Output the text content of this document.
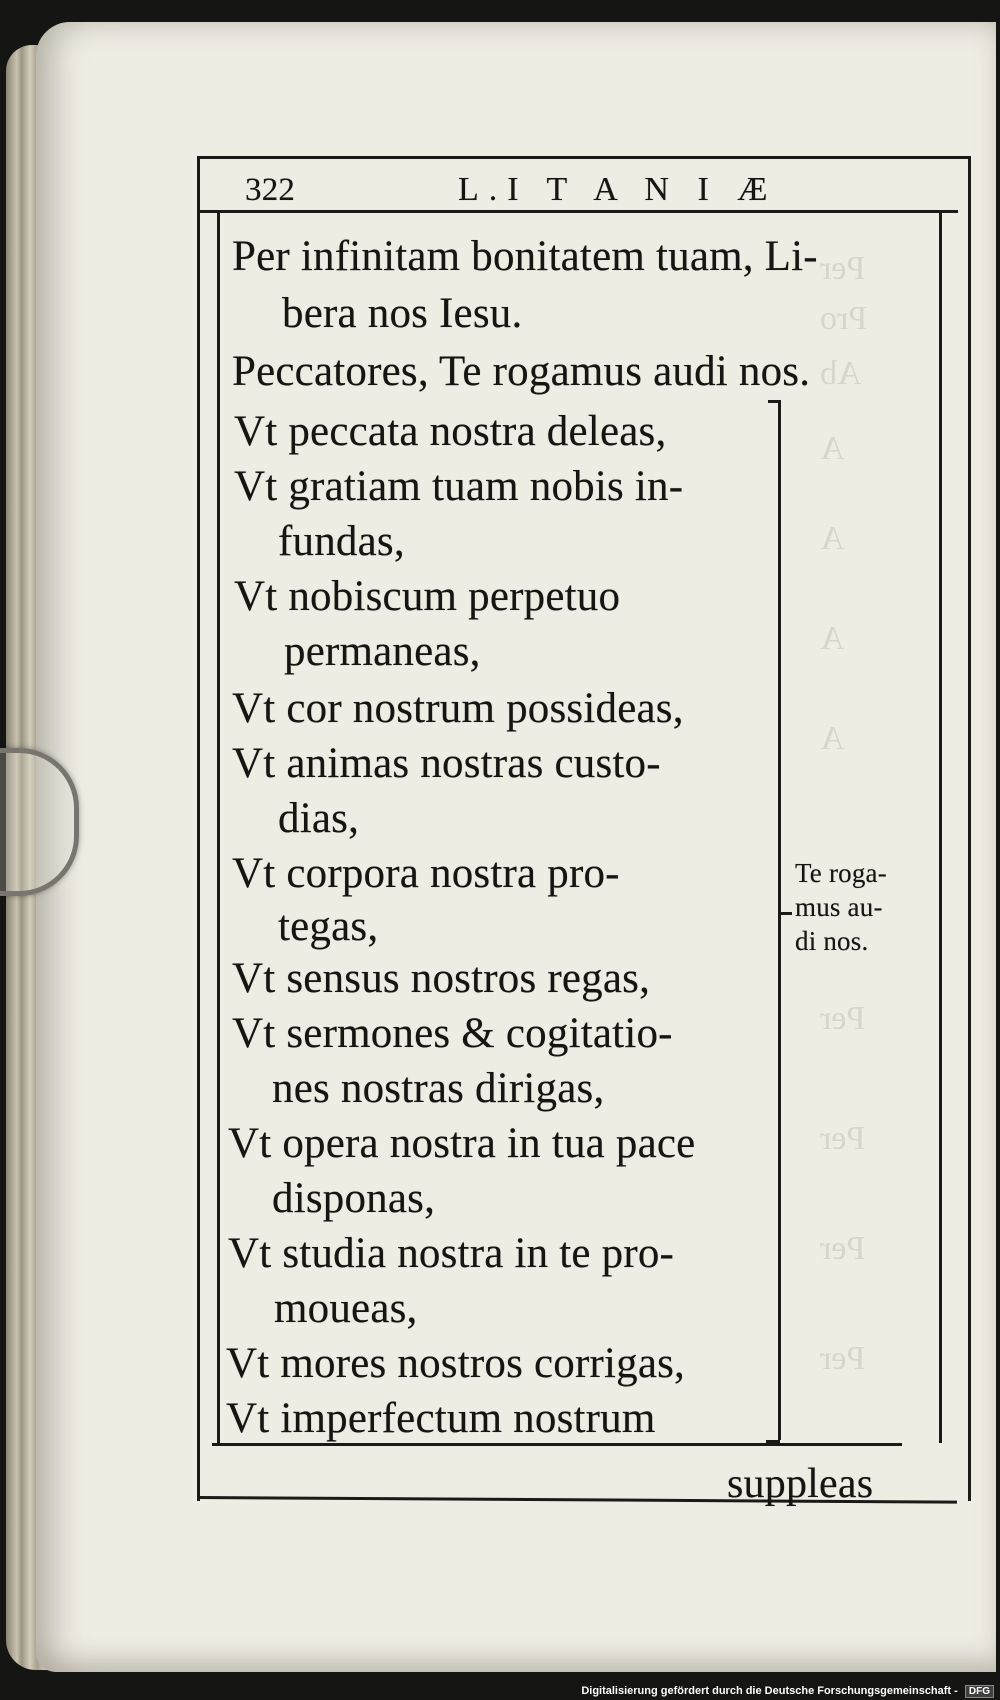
Per
Pro
Ab
A
A
A
A
Per
Per
Per
Per
322	L.I T A N I Æ
Per infinitam bonitatem tuam, Li-
bera nos Iesu.
Peccatores, Te rogamus audi nos.
Vt peccata nostra deleas,
Vt gratiam tuam nobis in-
fundas,
Vt nobiscum perpetuo
permaneas,
Vt cor nostrum possideas,
Vt animas nostras custo-
dias,
Vt corpora nostra pro-
tegas,
Vt sensus nostros regas,
Vt sermones & cogitatio-
nes nostras dirigas,
Vt opera nostra in tua pace
disponas,
Vt studia nostra in te pro-
moueas,
Vt mores nostros corrigas,
Vt imperfectum nostrum
Te roga-
mus au-
di nos.
suppleas
Digitalisierung gefördert durch die Deutsche Forschungsgemeinschaft - DFG
